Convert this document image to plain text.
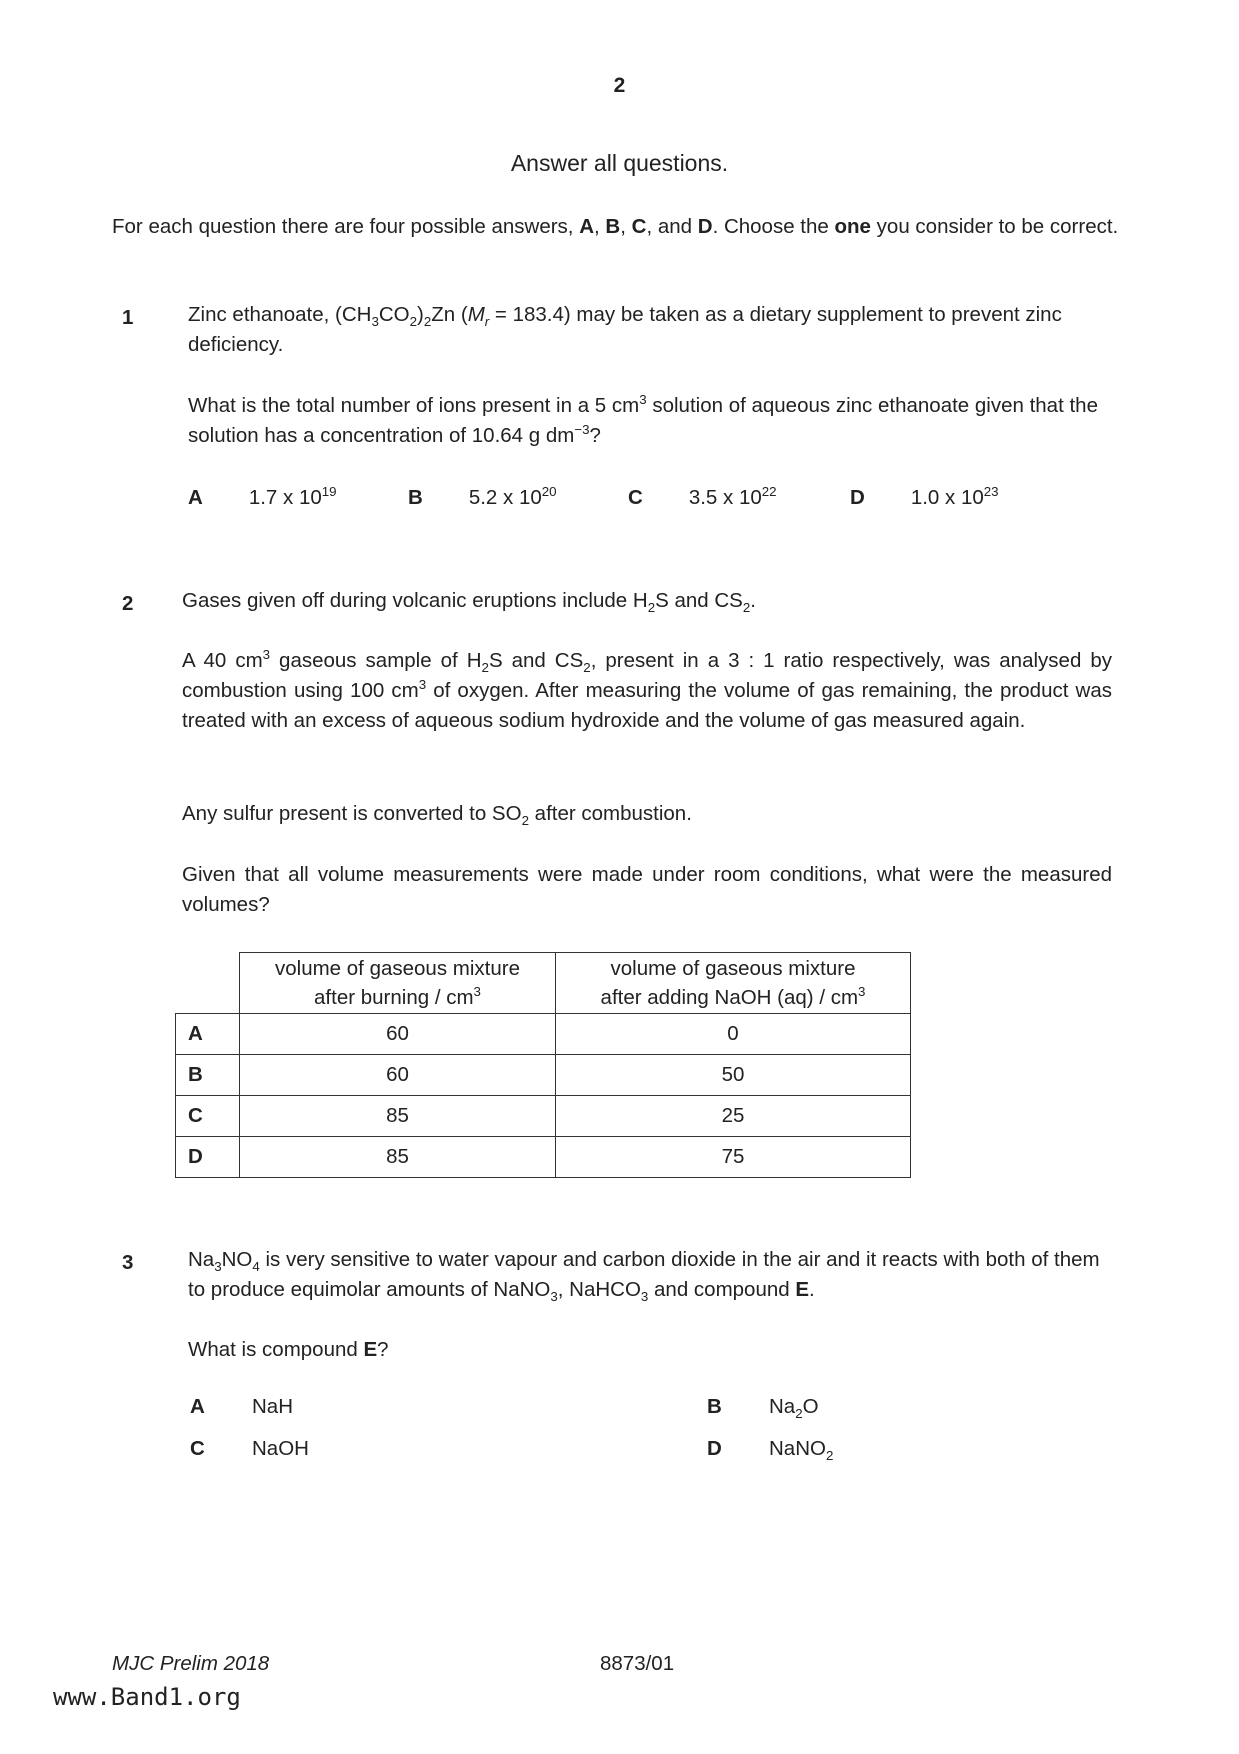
2
Answer all questions.
For each question there are four possible answers, A, B, C, and D. Choose the one you consider to be correct.
1	Zinc ethanoate, $(CH_3CO_2)_2Zn$ $(M_r = 183.4)$ may be taken as a dietary supplement to prevent zinc deficiency.
What is the total number of ions present in a 5 $cm^3$ solution of aqueous zinc ethanoate given that the solution has a concentration of 10.64 g $dm^{-3}$?
A 1.7 x $10^{19}$	B 5.2 x $10^{20}$	C 3.5 x $10^{22}$	D 1.0 x $10^{23}$
2 Gases given off during volcanic eruptions include $H_2S$ and $CS_2$.
A 40 $cm^3$ gaseous sample of $H_2S$ and $CS_2$, present in a 3 : 1 ratio respectively, was analysed by combustion using 100 $cm^3$ of oxygen. After measuring the volume of gas remaining, the product was treated with an excess of aqueous sodium hydroxide and the volume of gas measured again.
Any sulfur present is converted to $SO_2$ after combustion.
Given that all volume measurements were made under room conditions, what were the measured volumes?

volume of gaseous mixture
after burning / $cm^3$

volume of gaseous mixture
after adding NaOH $(aq) / cm^3$

A	60	0
B	60	50
C	85	25
D	85	75
3	$Na_3NO_4$ is very sensitive to water vapour and carbon dioxide in the air and it reacts with both of them to produce equimolar amounts of NaNO$_3$, NaHCO$_3$ and compound E.
What is compound E?
A	NaH	B	$Na_2O$
C	NaOH	D	NaNO$_2$
MJC Prelim 2018	8873/01
www.Band1.org
